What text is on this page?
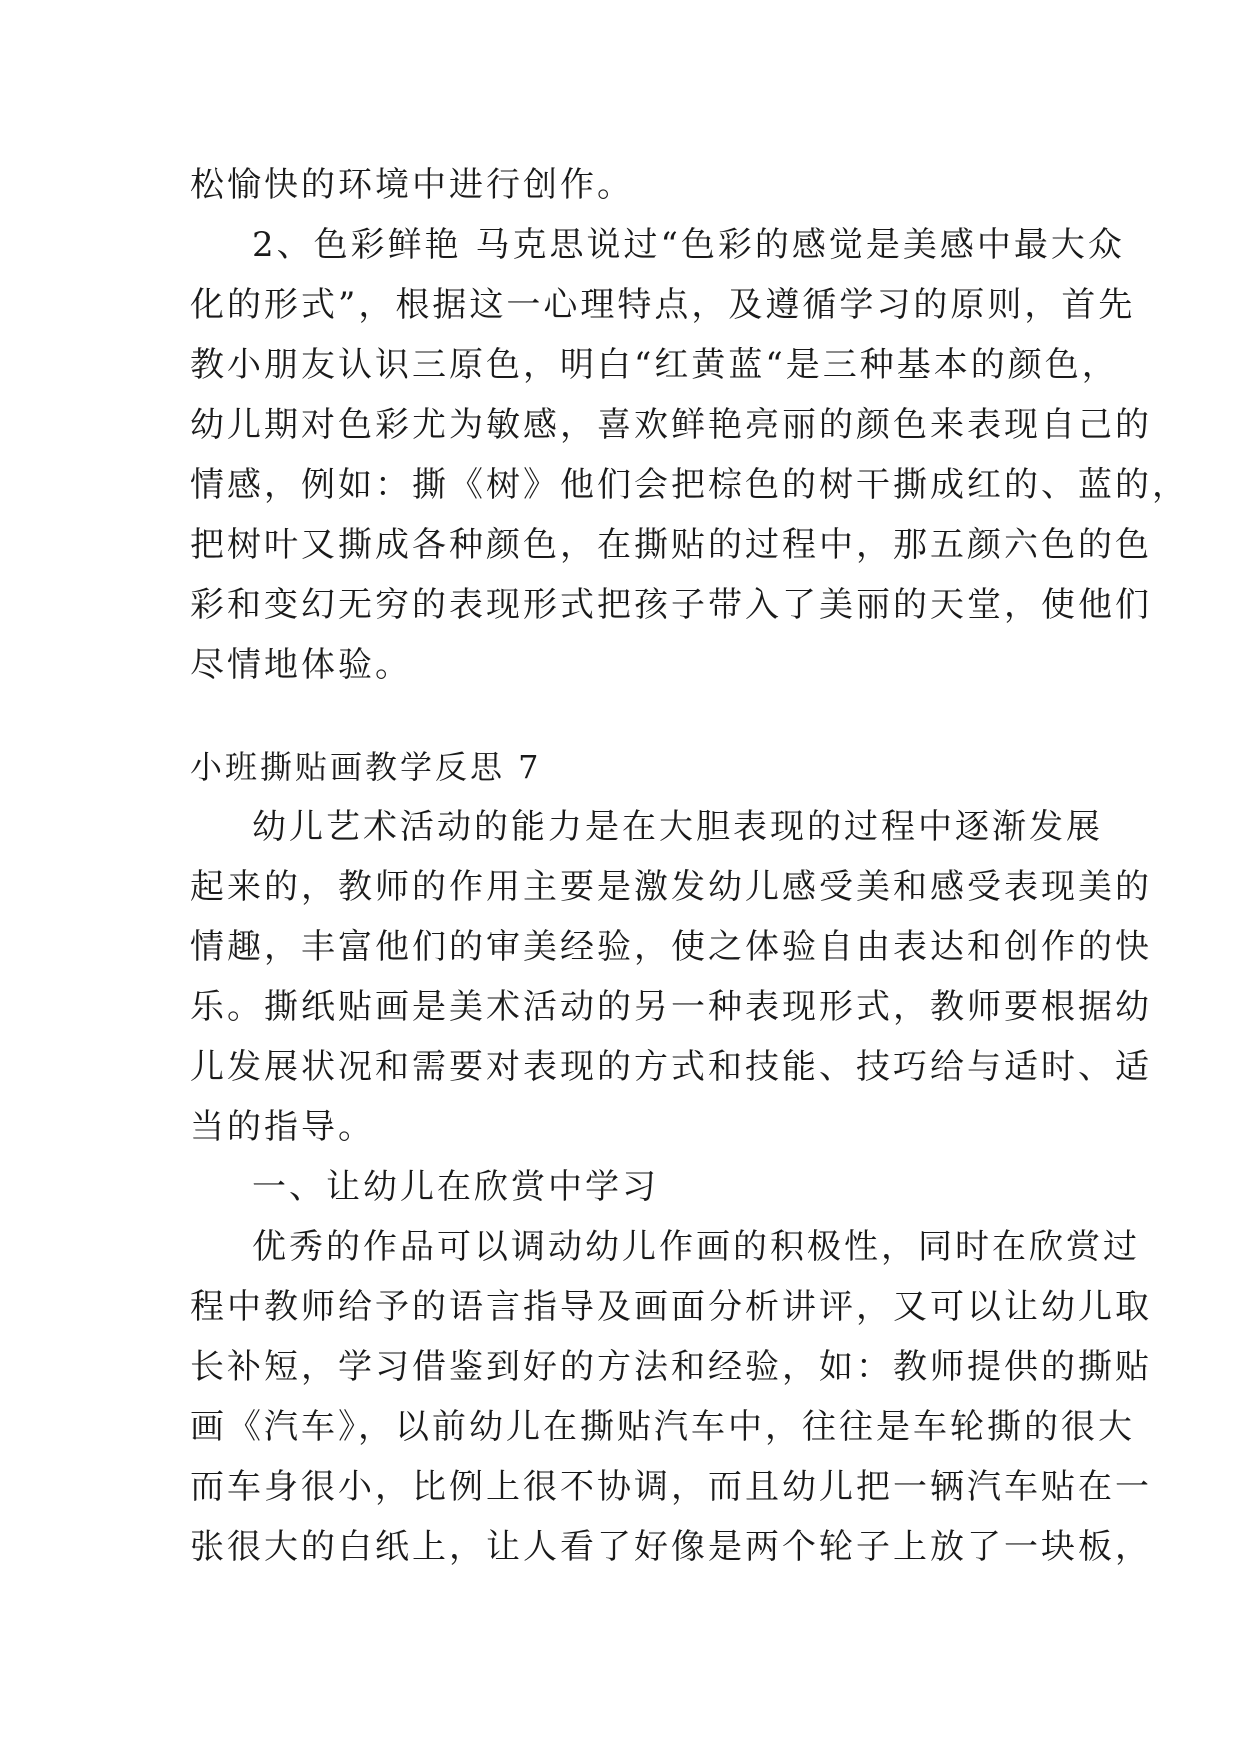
松愉快的环境中进行创作。
2、色彩鲜艳 马克思说过“色彩的感觉是美感中最大众
化的形式”，根据这一心理特点，及遵循学习的原则，首先
教小朋友认识三原色，明白“红黄蓝“是三种基本的颜色，
幼儿期对色彩尤为敏感，喜欢鲜艳亮丽的颜色来表现自己的
情感，例如：撕《树》他们会把棕色的树干撕成红的、蓝的，
把树叶又撕成各种颜色，在撕贴的过程中，那五颜六色的色
彩和变幻无穷的表现形式把孩子带入了美丽的天堂，使他们
尽情地体验。
小班撕贴画教学反思 7
幼儿艺术活动的能力是在大胆表现的过程中逐渐发展
起来的，教师的作用主要是激发幼儿感受美和感受表现美的
情趣，丰富他们的审美经验，使之体验自由表达和创作的快
乐。撕纸贴画是美术活动的另一种表现形式，教师要根据幼
儿发展状况和需要对表现的方式和技能、技巧给与适时、适
当的指导。
一、让幼儿在欣赏中学习
优秀的作品可以调动幼儿作画的积极性，同时在欣赏过
程中教师给予的语言指导及画面分析讲评，又可以让幼儿取
长补短，学习借鉴到好的方法和经验，如：教师提供的撕贴
画《汽车》，以前幼儿在撕贴汽车中，往往是车轮撕的很大
而车身很小，比例上很不协调，而且幼儿把一辆汽车贴在一
张很大的白纸上，让人看了好像是两个轮子上放了一块板，
